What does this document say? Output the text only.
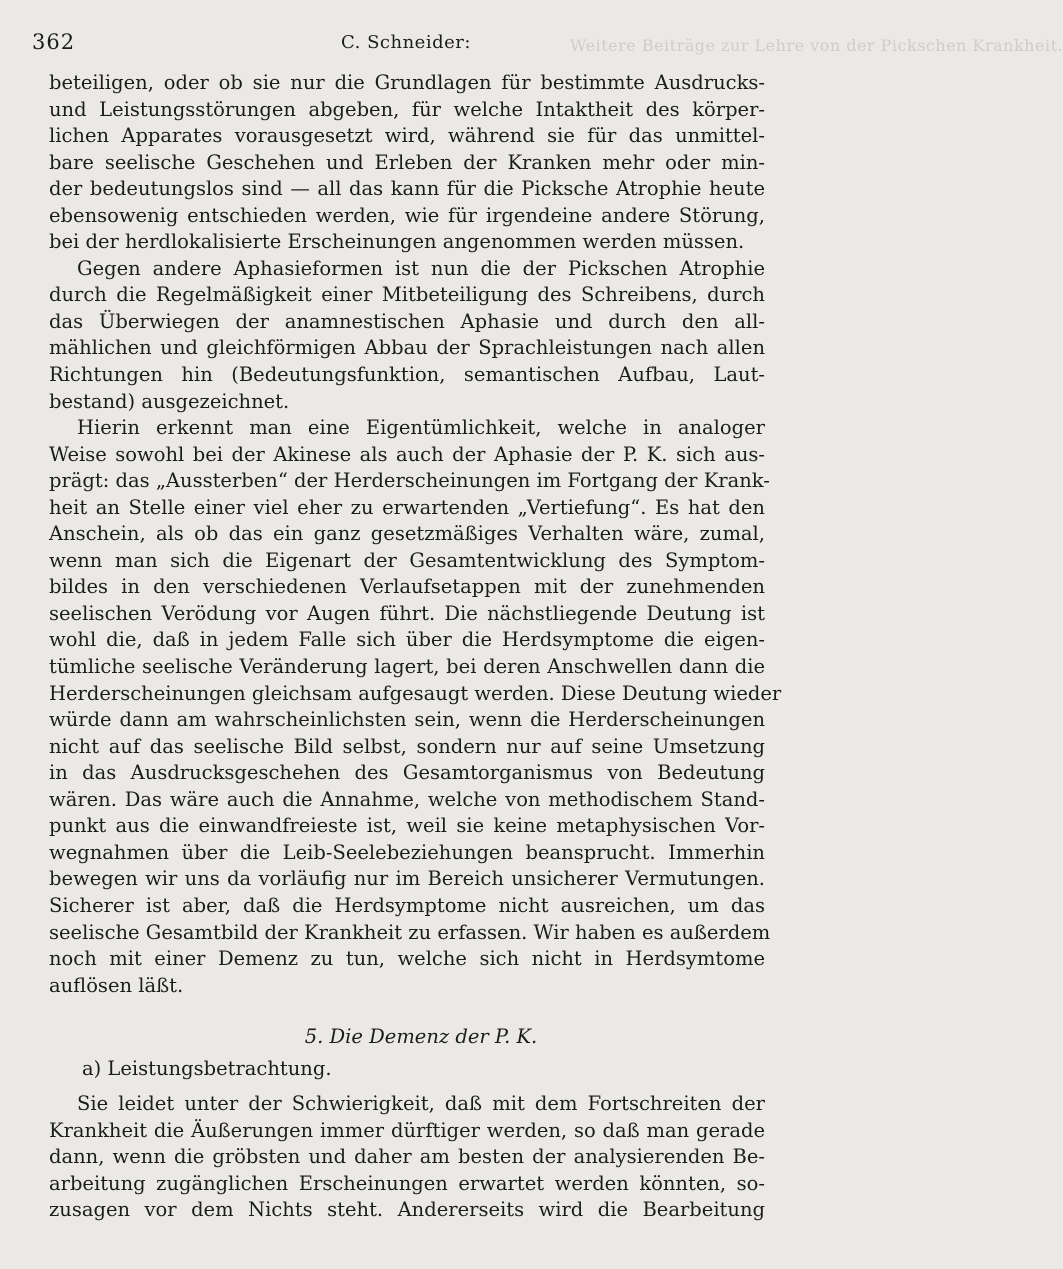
362	C. Schneider:	Weitere Beiträge zur Lehre von der Pickschen Krankheit.
beteiligen, oder ob sie nur die Grundlagen für bestimmte Ausdrucks-
und Leistungsstörungen abgeben, für welche Intaktheit des körper-
lichen Apparates vorausgesetzt wird, während sie für das unmittel-
bare seelische Geschehen und Erleben der Kranken mehr oder min-
der bedeutungslos sind — all das kann für die Picksche Atrophie heute
ebensowenig entschieden werden, wie für irgendeine andere Störung,
bei der herdlokalisierte Erscheinungen angenommen werden müssen.
Gegen andere Aphasieformen ist nun die der Pickschen Atrophie
durch die Regelmäßigkeit einer Mitbeteiligung des Schreibens, durch
das Überwiegen der anamnestischen Aphasie und durch den all-
mählichen und gleichförmigen Abbau der Sprachleistungen nach allen
Richtungen hin (Bedeutungsfunktion, semantischen Aufbau, Laut-
bestand) ausgezeichnet.
Hierin erkennt man eine Eigentümlichkeit, welche in analoger
Weise sowohl bei der Akinese als auch der Aphasie der P. K. sich aus-
prägt: das „Aussterben“ der Herderscheinungen im Fortgang der Krank-
heit an Stelle einer viel eher zu erwartenden „Vertiefung“. Es hat den
Anschein, als ob das ein ganz gesetzmäßiges Verhalten wäre, zumal,
wenn man sich die Eigenart der Gesamtentwicklung des Symptom-
bildes in den verschiedenen Verlaufsetappen mit der zunehmenden
seelischen Verödung vor Augen führt. Die nächstliegende Deutung ist
wohl die, daß in jedem Falle sich über die Herdsymptome die eigen-
tümliche seelische Veränderung lagert, bei deren Anschwellen dann die
Herderscheinungen gleichsam aufgesaugt werden. Diese Deutung wieder
würde dann am wahrscheinlichsten sein, wenn die Herderscheinungen
nicht auf das seelische Bild selbst, sondern nur auf seine Umsetzung
in das Ausdrucksgeschehen des Gesamtorganismus von Bedeutung
wären. Das wäre auch die Annahme, welche von methodischem Stand-
punkt aus die einwandfreieste ist, weil sie keine metaphysischen Vor-
wegnahmen über die Leib-Seelebeziehungen beansprucht. Immerhin
bewegen wir uns da vorläufig nur im Bereich unsicherer Vermutungen.
Sicherer ist aber, daß die Herdsymptome nicht ausreichen, um das
seelische Gesamtbild der Krankheit zu erfassen. Wir haben es außerdem
noch mit einer Demenz zu tun, welche sich nicht in Herdsymtome
auflösen läßt.
5. Die Demenz der P. K.
a) Leistungsbetrachtung.
Sie leidet unter der Schwierigkeit, daß mit dem Fortschreiten der
Krankheit die Äußerungen immer dürftiger werden, so daß man gerade
dann, wenn die gröbsten und daher am besten der analysierenden Be-
arbeitung zugänglichen Erscheinungen erwartet werden könnten, so-
zusagen vor dem Nichts steht. Andererseits wird die Bearbeitung
